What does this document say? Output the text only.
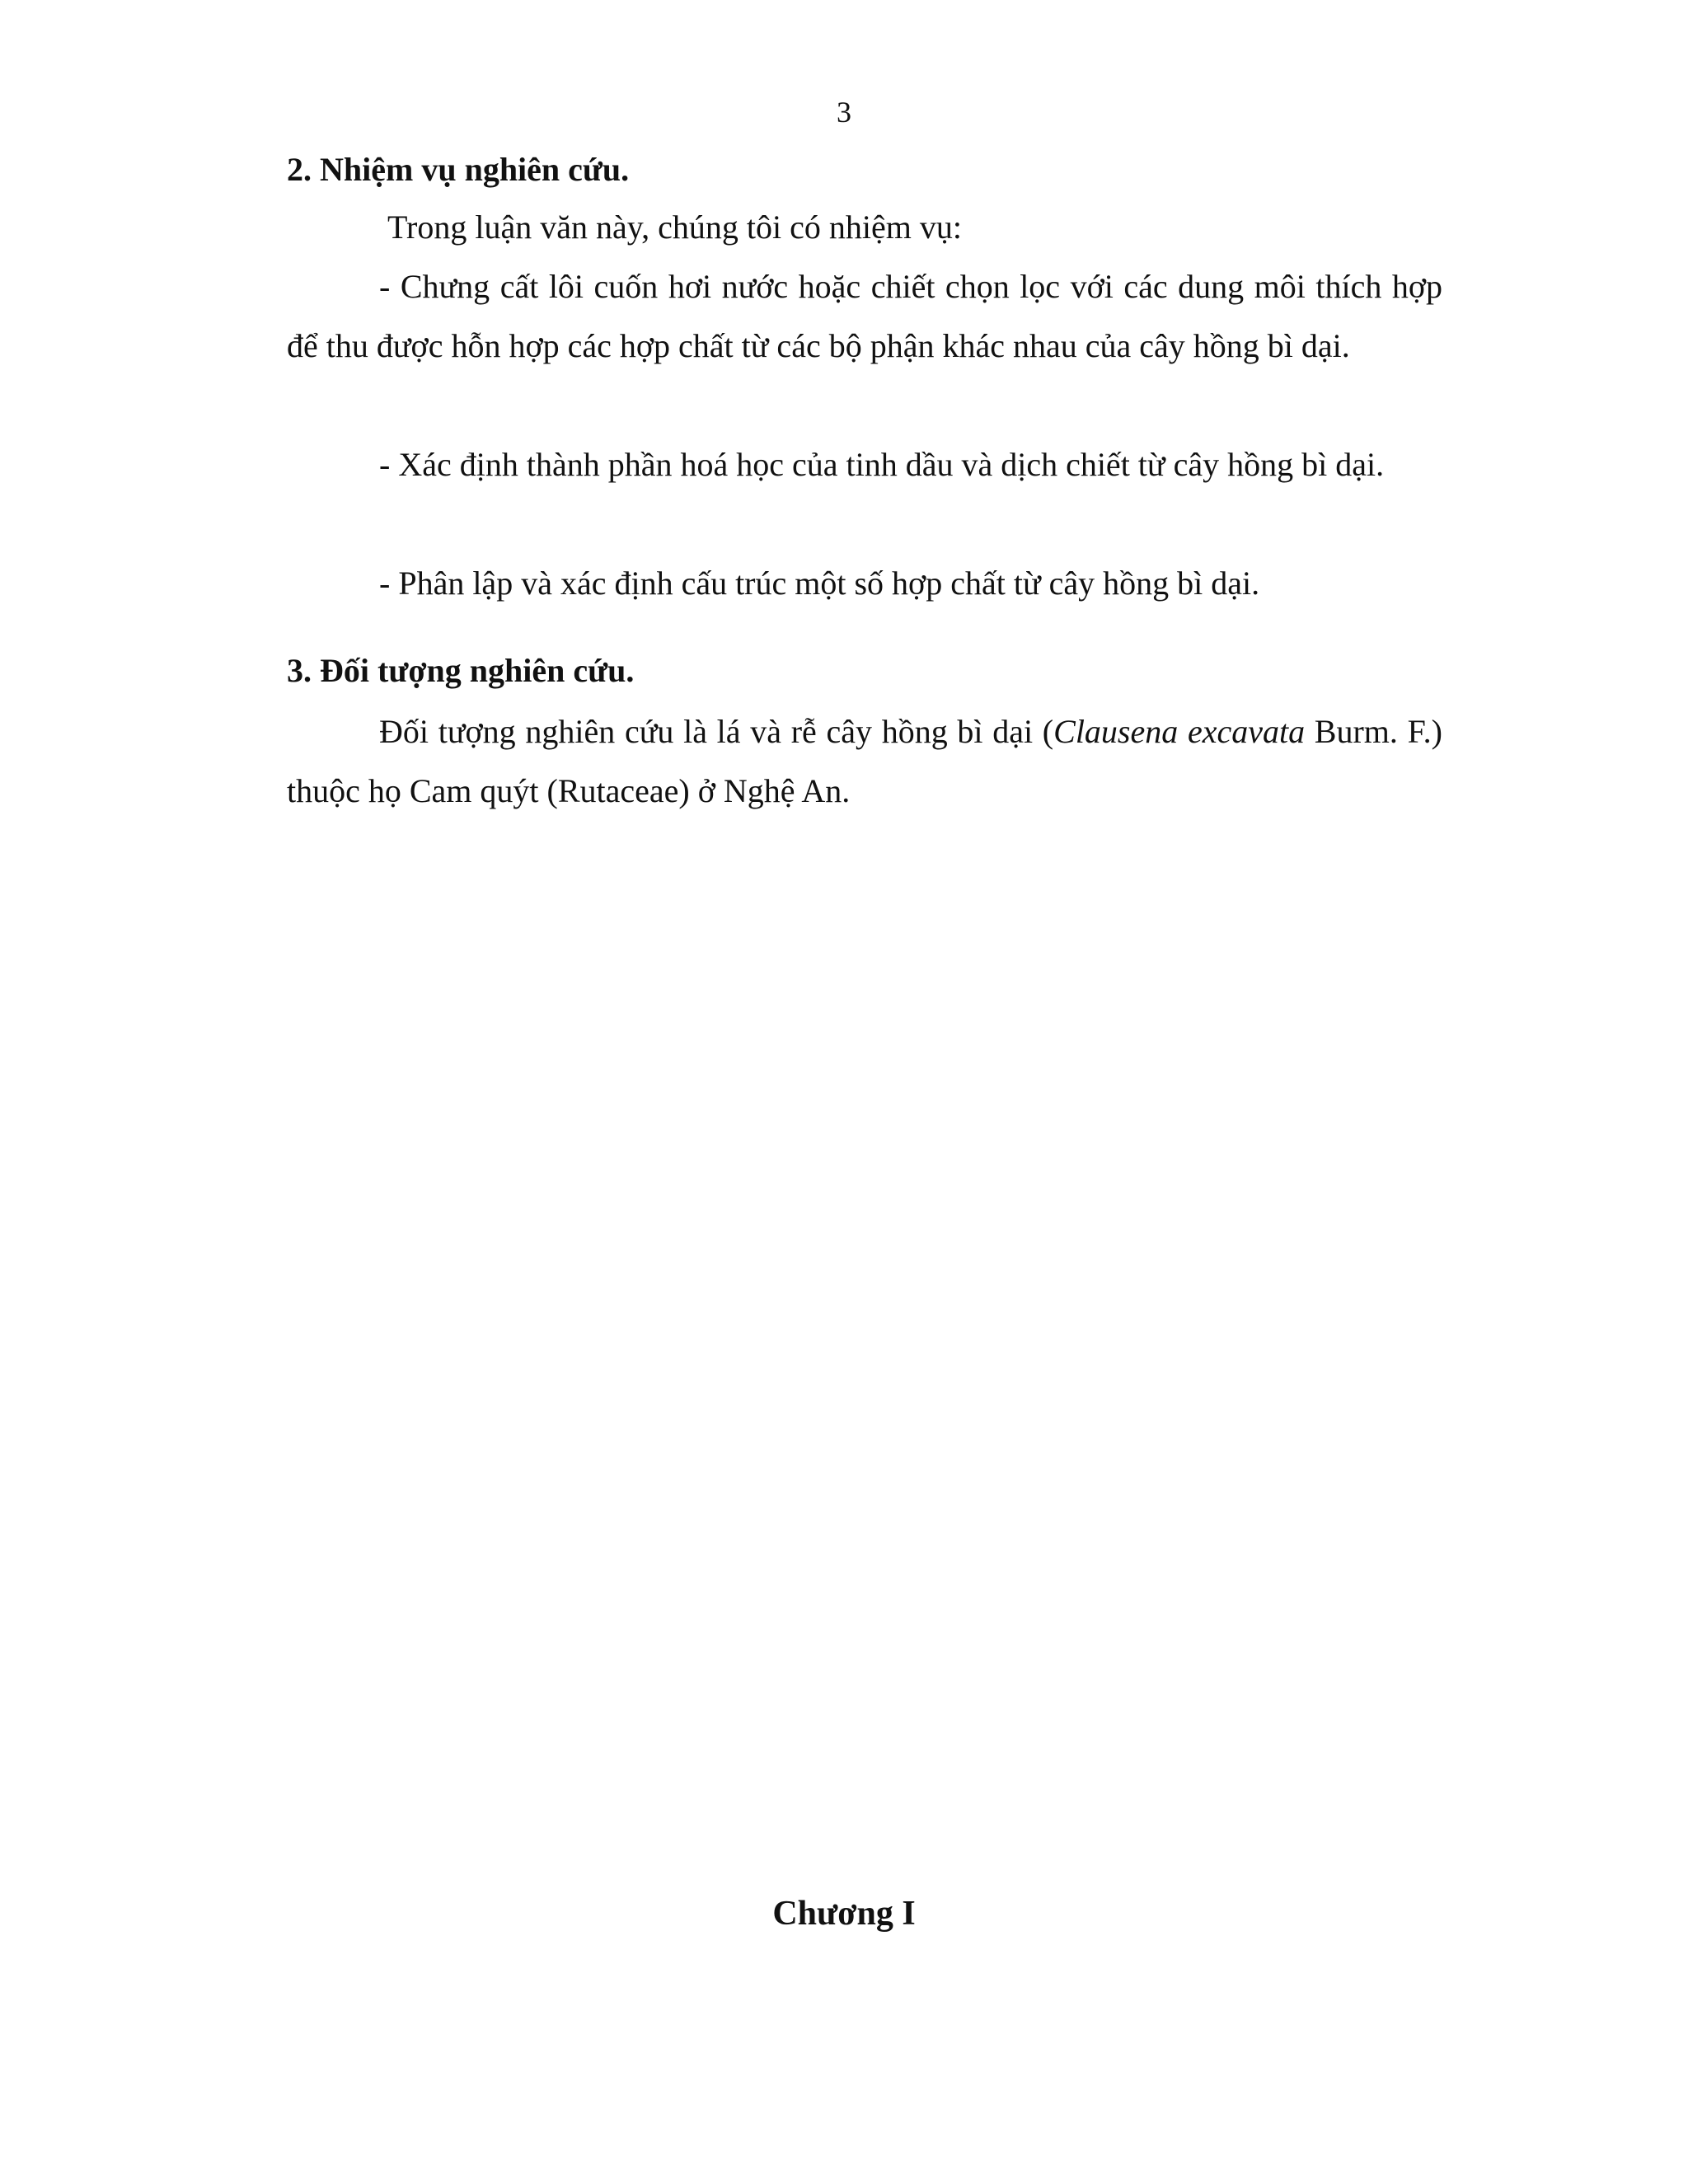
3
2. Nhiệm vụ nghiên cứu.

Trong luận văn này, chúng tôi có nhiệm vụ:

- Chưng cất lôi cuốn hơi nước hoặc chiết chọn lọc với các dung môi thích hợp để thu được hỗn hợp các hợp chất từ các bộ phận khác nhau của cây hồng bì dại.

- Xác định thành phần hoá học của tinh dầu và dịch chiết từ cây hồng bì dại.

- Phân lập và xác định cấu trúc một số hợp chất từ cây hồng bì dại.

3. Đối tượng nghiên cứu.

Đối tượng nghiên cứu là lá và rễ cây hồng bì dại (Clausena excavata Burm. F.) thuộc họ Cam quýt (Rutaceae) ở Nghệ An.

Chương I
